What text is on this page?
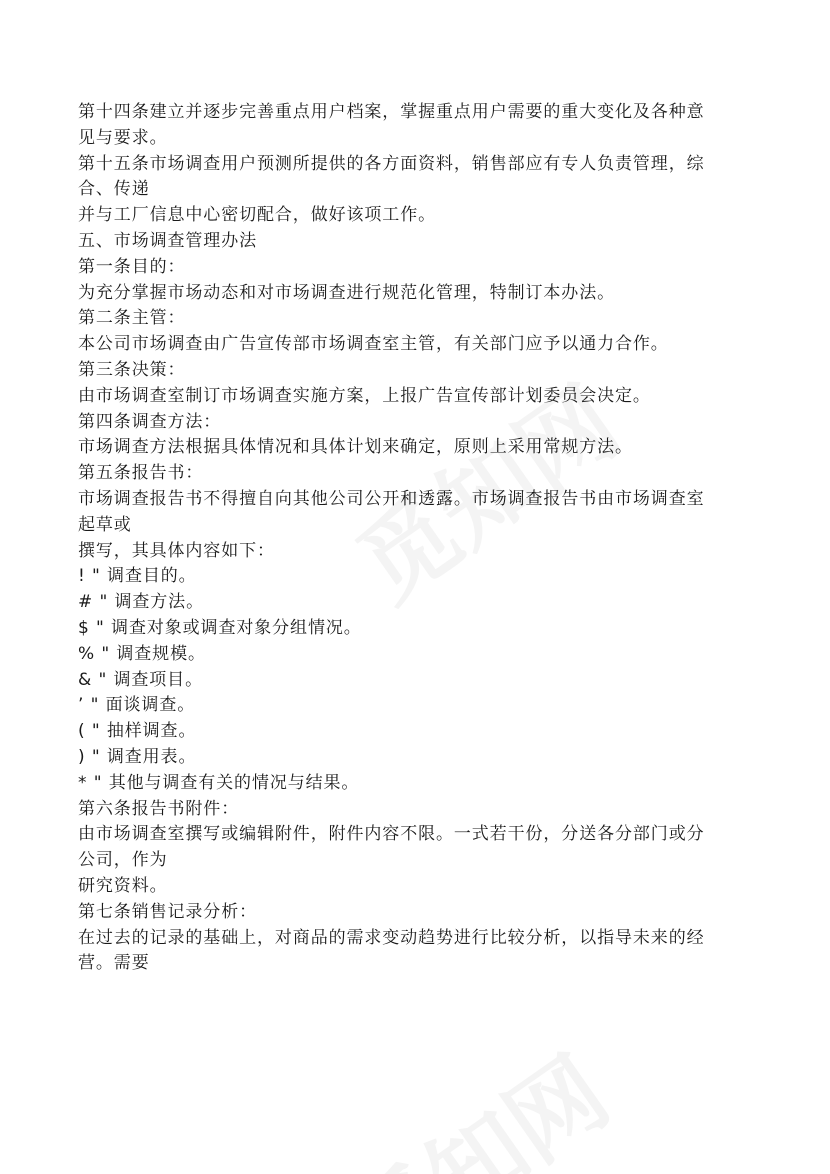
第十四条建立并逐步完善重点用户档案，掌握重点用户需要的重大变化及各种意
见与要求。
第十五条市场调查用户预测所提供的各方面资料，销售部应有专人负责管理，综
合、传递
并与工厂信息中心密切配合，做好该项工作。
五、市场调查管理办法
第一条目的：
为充分掌握市场动态和对市场调查进行规范化管理，特制订本办法。
第二条主管：
本公司市场调查由广告宣传部市场调查室主管，有关部门应予以通力合作。
第三条决策：
由市场调查室制订市场调查实施方案，上报广告宣传部计划委员会决定。
第四条调查方法：
市场调查方法根据具体情况和具体计划来确定，原则上采用常规方法。
第五条报告书：
市场调查报告书不得擅自向其他公司公开和透露。市场调查报告书由市场调查室
起草或
撰写，其具体内容如下：
! " 调查目的。
# " 调查方法。
$ " 调查对象或调查对象分组情况。
% " 调查规模。
& " 调查项目。
’ " 面谈调查。
( " 抽样调查。
) " 调查用表。
* " 其他与调查有关的情况与结果。
第六条报告书附件：
由市场调查室撰写或编辑附件，附件内容不限。一式若干份，分送各分部门或分
公司，作为
研究资料。
第七条销售记录分析：
在过去的记录的基础上，对商品的需求变动趋势进行比较分析，以指导未来的经
营。需要
